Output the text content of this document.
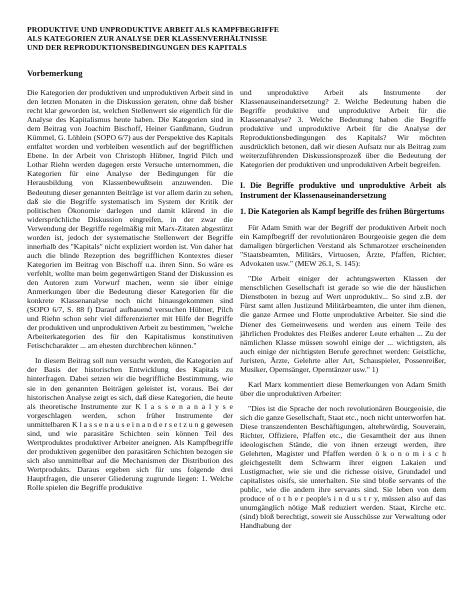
PRODUKTIVE UND UNPRODUKTIVE ARBEIT ALS KAMPFBEGRIFFE
ALS KATEGORIEN ZUR ANALYSE DER KLASSENVERHÄLTNISSE
UND DER REPRODUKTIONSBEDINGUNGEN DES KAPITALS
Vorbemerkung

Die Kategorien der produktiven und unproduktiven Arbeit sind in den letzten Monaten in die Diskussion geraten, ohne daß bisher recht klar geworden ist, welchen Stellenwert sie eigentlich für die Analyse des Kapitalismus heute haben. Die Kategorien sind in dem Beitrag von Joachim Bischoff, Heiner Ganßmann, Gudrun Kümmel, G. Löhlein (SOPO 6/7) aus der Perspektive des Kapitals entfaltet worden und verbleiben wesentlich auf der begrifflichen Ebene. In der Arbeit von Christoph Hübner, Ingrid Pilch und Lothar Riehn werden dagegen erste Versuche unternommen, die Kategorien für eine Analyse der Bedingungen für die Herausbildung von Klassenbewußtsein anzuwenden. Die Bedeutung dieser genannten Beiträge ist vor allem darin zu sehen, daß sie die Begriffe systematisch im System der Kritik der politischen Ökonomie darlegen und damit klärend in die widersprüchliche Diskussion eingreifen, in der zwar die Verwendung der Begriffe regelmäßig mit Marx-Zitaten abgestützt worden ist, jedoch der systematische Stellenwert der Begriffe innerhalb des "Kapitals" nicht expliziert worden ist. Von daher hat auch die blinde Rezeption des begrifflichen Kontextes dieser Kategorien im Beitrag von Bischoff u.a. ihren Sinn. So wäre es verfehlt, wollte man beim gegenwärtigen Stand der Diskussion es den Autoren zum Vorwurf machen, wenn sie über einige Anmerkungen über die Bedeutung dieser Kategorien für die konkrete Klassenanalyse noch nicht hinausgekommen sind (SOPO 6/7, S. 88 f) Darauf aufbauend versuchen Hübner, Pilch und Riehn schon sehr viel differenzierter mit Hilfe der Begriffe der produktiven und unproduktiven Arbeit zu bestimmen, "welche Arbeiterkategorien des für den Kapitalismus konstitutiven Fetischcharakter ... am ehesten durchbrechen können."

In diesem Beitrag soll nun versucht werden, die Kategorien auf der Basis der historischen Entwicklung des Kapitals zu hinterfragen. Dabei setzen wir die begriffliche Bestimmung, wie sie in den genannten Beiträgen geleistet ist, voraus. Bei der historischen Analyse zeigt es sich, daß diese Kategorien, die heute als theoretische Instrumente zur K l a s s e n a n a l y s e vorgeschlagen werden, schon früher Instrumente der unmittelbaren K l a s s e n a u s e i n a n d e r s e t z u n g gewesen sind, und wie parasitäre Schichten sein können Teil des Wertproduktes produktiver Arbeiter aneignen. Als Kampfbegriffe der produktiven gegenüber den parasitären Schichten bezogen sie sich also unmittelbar auf die Mechanismen der Distribution des Wertprodukts. Daraus ergeben sich für uns folgende drei Hauptfragen, die unserer Gliederung zugrunde liegen: 1. Welche Rolle spielen die Begriffe produktive

und unproduktive Arbeit als Instrumente der Klassenauseinandersetzung? 2. Welche Bedeutung haben die Begriffe produktive und unproduktive Arbeit für die Klassenanalyse? 3. Welche Bedeutung haben die Begriffe produktive und unproduktive Arbeit für die Analyse der Reproduktionsbedingungen des Kapitals? Wir möchten ausdrücklich betonen, daß wir diesen Aufsatz nur als Beitrag zum weiterzuführenden Diskussionsprozeß über die Bedeutung der Kategorien der produktiven und unproduktiven Arbeit begreifen.

I. Die Begriffe produktive und unproduktive Arbeit als Instrument der Klassenauseinandersetzung
1. Die Kategorien als Kampf begriffe des frühen Bürgertums

Für Adam Smith war der Begriff der produktiven Arbeit noch ein Kampfbegriff der revolutionären Bourgeoisie gegen die dem damaligen bürgerlichen Verstand als Schmarotzer erscheinenden "Staatsbeamten, Militärs, Virtuosen, Ärzte, Pfaffen, Richter, Advokaten usw." (MEW 26.1, S. 145):

"Die Arbeit einiger der achtungswerten Klassen der menschlichen Gesellschaft ist gerade so wie die der häuslichen Dienstboten in bezug auf Wert unproduktiv... So sind z.B. der Fürst samt allen Justizund Militärbeamten, die unter ihm dienen, die ganze Armee und Flotte unproduktive Arbeiter. Sie sind die Diener des Gemeinwesens und werden aus einem Teile des jährlichen Produktes des Fleißes anderer Leute erhalten ... Zu der nämlichen Klasse müssen sowohl einige der ... wichtigsten, als auch einige der nichtigsten Berufe gerechnet werden: Geistliche, Juristen, Ärzte, Gelehrte aller Art, Schauspieler, Possenreißer, Musiker, Opernsänger, Operntänzer usw." 1)

Karl Marx kommentiert diese Bemerkungen von Adam Smith über die unproduktiven Arbeiter:

"Dies ist die Sprache der noch revolutionären Bourgeoisie, die sich die ganze Gesellschaft, Staat etc., noch nicht unterworfen hat. Diese transzendenten Beschäftigungen, altehrwürdig, Souverain, Richter, Offiziere, Pfaffen etc., die Gesamtheit der aus ihnen ideologischen Stände, die von ihnen erzeugt werden, ihre Gelehrten, Magister und Pfaffen werden ö k o n o m i s c h gleichgestellt dem Schwarm ihrer eignen Lakaien und Lustigmacher, wie sie und die richesse oisive, Grundadel und capitalistes oisifs, sie unterhalten. Sie sind bloße servants of the public, wie die andern ihre servants sind. Sie leben von dem produce of o t h e r people's i n d u s t r y, müssen also auf das unumgänglich nötige Maß reduziert werden. Staat, Kirche etc. (sind) bloß berechtigt, soweit sie Ausschüsse zur Verwaltung oder Handhabung der
